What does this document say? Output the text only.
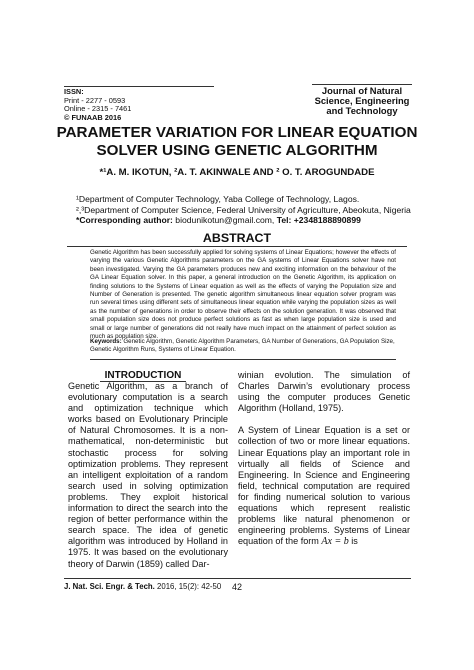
ISSN:
Print - 2277 - 0593
Online - 2315 - 7461
© FUNAAB 2016
Journal of Natural
Science, Engineering
and Technology
PARAMETER VARIATION FOR LINEAR EQUATION
SOLVER USING GENETIC ALGORITHM
*¹A. M. IKOTUN, ²A. T. AKINWALE AND ² O. T. AROGUNDADE
¹Department of Computer Technology, Yaba College of Technology, Lagos.
²,³Department of Computer Science, Federal University of Agriculture, Abeokuta, Nigeria
*Corresponding author: biodunikotun@gmail.com, Tel: +2348188890899
ABSTRACT
Genetic Algorithm has been successfully applied for solving systems of Linear Equations; however the effects of varying the various Genetic Algorithms parameters on the GA systems of Linear Equations solver have not been investigated. Varying the GA parameters produces new and exciting information on the behaviour of the GA Linear Equation solver. In this paper, a general introduction on the Genetic Algorithm, its application on finding solutions to the Systems of Linear equation as well as the effects of varying the Population size and Number of Generation is presented. The genetic algorithm simultaneous linear equation solver program was run several times using different sets of simultaneous linear equation while varying the population sizes as well as the number of generations in order to observe their effects on the solution generation. It was observed that small population size does not produce perfect solutions as fast as when large population size is used and small or large number of generations did not really have much impact on the attainment of perfect solution as much as population size.
Keywords: Genetic Algorithm, Genetic Algorithm Parameters, GA Number of Generations, GA Population Size, Genetic Algorithm Runs, Systems of Linear Equation.
INTRODUCTION

Genetic Algorithm, as a branch of evolutionary computation is a search and optimization technique which works based on Evolutionary Principle of Natural Chromosomes. It is a non-mathematical, non-deterministic but stochastic process for solving optimization problems. They represent an intelligent exploitation of a random search used in solving optimization problems. They exploit historical information to direct the search into the region of better performance within the search space. The idea of genetic algorithm was introduced by Holland in 1975. It was based on the evolutionary theory of Darwin (1859) called Dar-

winian evolution. The simulation of Charles Darwin’s evolutionary process using the computer produces Genetic Algorithm (Holland, 1975).

A System of Linear Equation is a set or collection of two or more linear equations. Linear Equations play an important role in virtually all fields of Science and Engineering. In Science and Engineering field, technical computation are required for finding numerical solution to various equations which represent realistic problems like natural phenomenon or engineering problems. Systems of Linear equation of the form Ax = b is

J. Nat. Sci. Engr. & Tech. 2016, 15(2): 42-50	42
